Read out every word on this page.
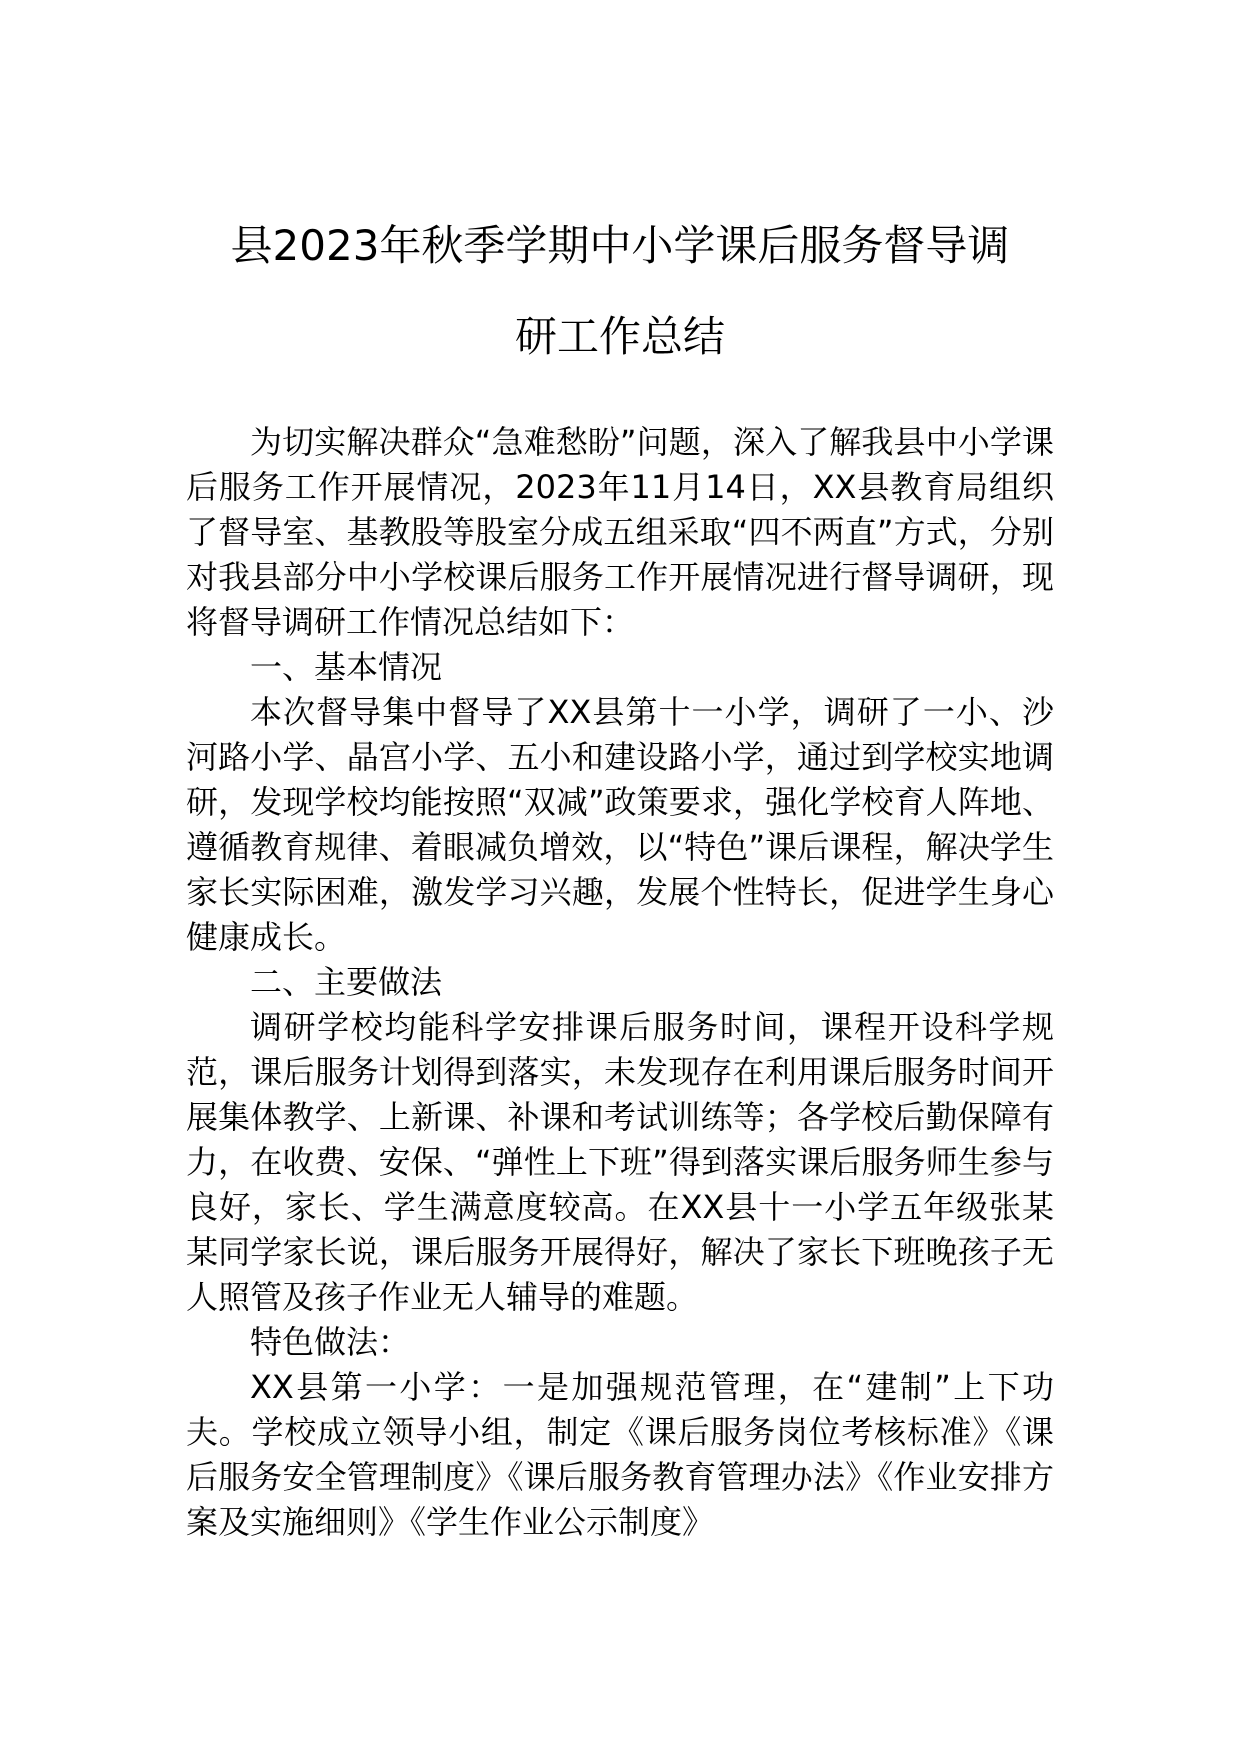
县2023年秋季学期中小学课后服务督导调
研工作总结

为切实解决群众“急难愁盼”问题，深入了解我县中小学课后服务工作开展情况，2023年11月14日，XX县教育局组织了督导室、基教股等股室分成五组采取“四不两直”方式，分别对我县部分中小学校课后服务工作开展情况进行督导调研，现将督导调研工作情况总结如下：

一、基本情况

本次督导集中督导了XX县第十一小学，调研了一小、沙河路小学、晶宫小学、五小和建设路小学，通过到学校实地调研，发现学校均能按照“双减”政策要求，强化学校育人阵地、遵循教育规律、着眼减负增效，以“特色”课后课程，解决学生家长实际困难，激发学习兴趣，发展个性特长，促进学生身心健康成长。

二、主要做法

调研学校均能科学安排课后服务时间，课程开设科学规范，课后服务计划得到落实，未发现存在利用课后服务时间开展集体教学、上新课、补课和考试训练等；各学校后勤保障有力，在收费、安保、“弹性上下班”得到落实课后服务师生参与良好，家长、学生满意度较高。在XX县十一小学五年级张某某同学家长说，课后服务开展得好，解决了家长下班晚孩子无人照管及孩子作业无人辅导的难题。

特色做法：

XX县第一小学：一是加强规范管理，在“建制”上下功夫。学校成立领导小组，制定《课后服务岗位考核标准》《课后服务安全管理制度》《课后服务教育管理办法》《作业安排方案及实施细则》《学生作业公示制度》
